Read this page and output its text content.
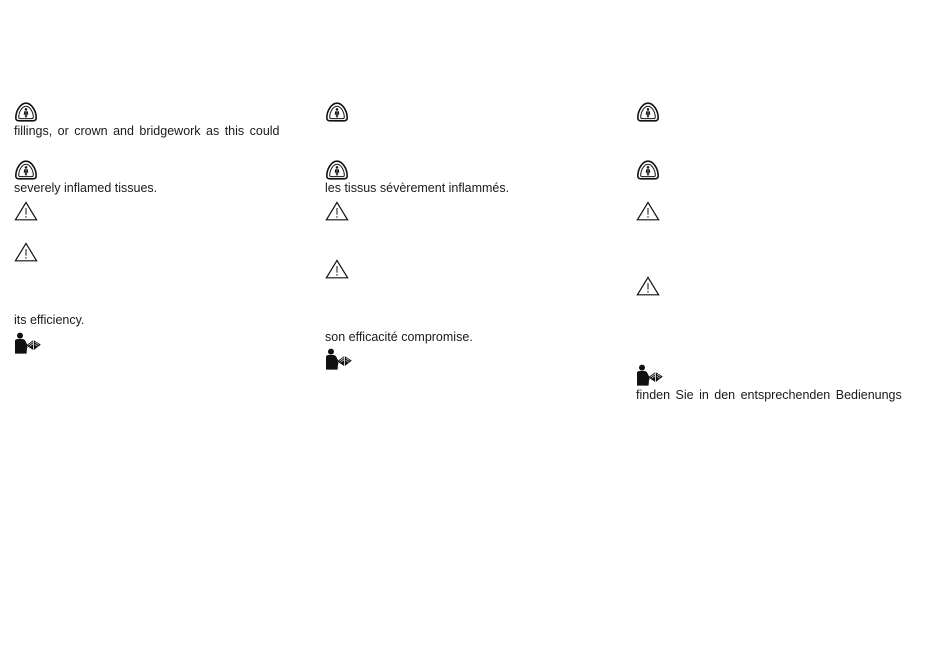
fillings, or crown and bridgework as this could
severely inflamed tissues.
its efficiency.
les tissus sévèrement inflammés.
son efficacité compromise.
finden Sie in den entsprechenden Bedienungs
